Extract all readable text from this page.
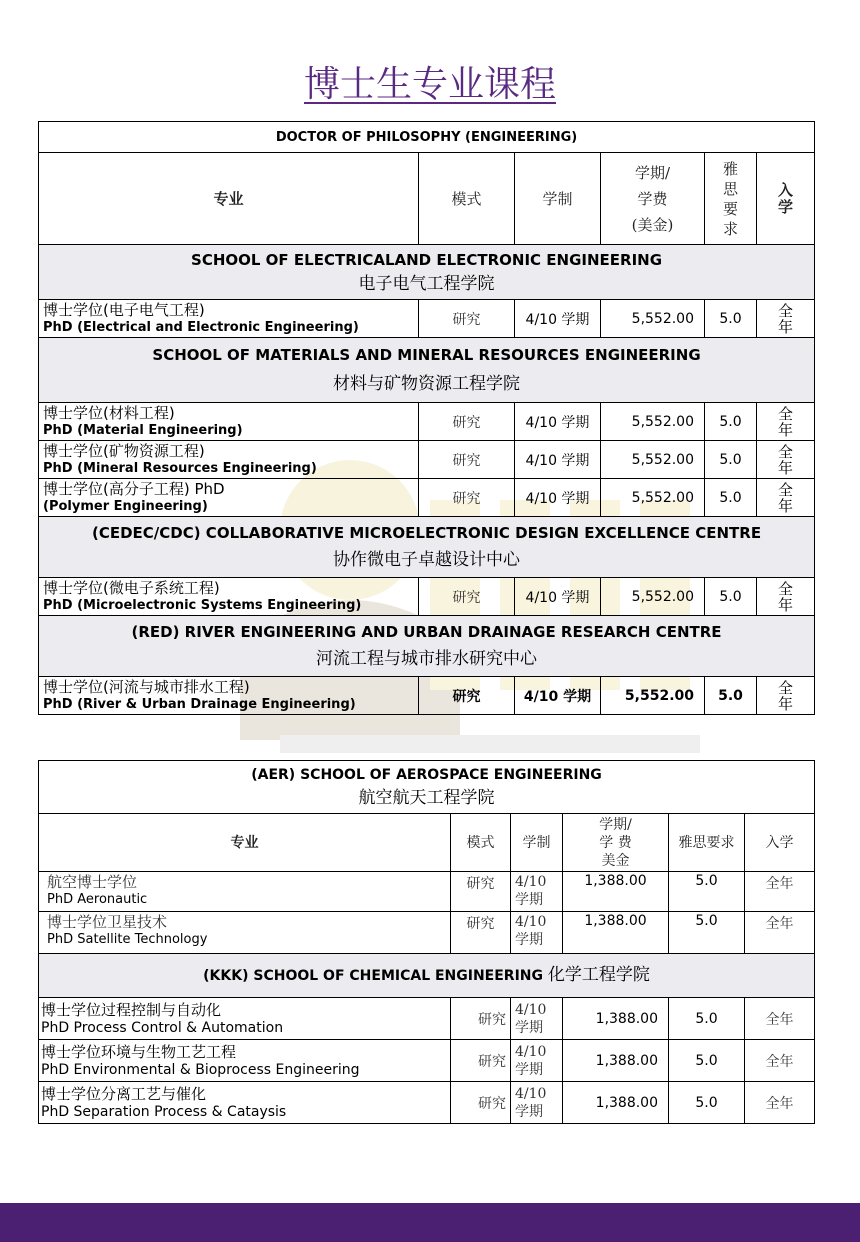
博士生专业课程
DOCTOR OF PHILOSOPHY (ENGINEERING)					
专业	模式	学制	学期/
学费
(美金)	雅
思
要
求	入
学
SCHOOL OF ELECTRICALAND ELECTRONIC ENGINEERING
电子电气工程学院					

博士学位(电子电气工程)
PhD (Electrical and Electronic Engineering)	研究	4/10 学期	5,552.00	5.0	全
年
SCHOOL OF MATERIALS AND MINERAL RESOURCES ENGINEERING
材料与矿物资源工程学院					

博士学位(材料工程)
PhD (Material Engineering)	研究	4/10 学期	5,552.00	5.0	全
年

博士学位(矿物资源工程)
PhD (Mineral Resources Engineering)	研究	4/10 学期	5,552.00	5.0	全
年

博士学位(高分子工程) PhD
(Polymer Engineering)	研究	4/10 学期	5,552.00	5.0	全
年
(CEDEC/CDC) COLLABORATIVE MICROELECTRONIC DESIGN EXCELLENCE CENTRE
协作微电子卓越设计中心					

博士学位(微电子系统工程)
PhD (Microelectronic Systems Engineering)	研究	4/10 学期	5,552.00	5.0	全
年
(RED) RIVER ENGINEERING AND URBAN DRAINAGE RESEARCH CENTRE
河流工程与城市排水研究中心					

博士学位(河流与城市排水工程)
PhD (River & Urban Drainage Engineering)	研究	4/10 学期	5,552.00	5.0	全
年
(AER) SCHOOL OF AEROSPACE ENGINEERING
航空航天工程学院					

专业	模式	学制	学期/
学 费
美金	雅思要求	入学

航空博士学位
PhD Aeronautic	研究	4/10
学期	1,388.00	5.0	全年

博士学位卫星技术
PhD Satellite Technology	研究	4/10
学期	1,388.00	5.0	全年
(KKK) SCHOOL OF CHEMICAL ENGINEERING 化学工程学院					

博士学位过程控制与自动化
PhD Process Control & Automation	研究	4/10
学期	1,388.00	5.0	全年

博士学位环境与生物工艺工程
PhD Environmental & Bioprocess Engineering	研究	4/10
学期	1,388.00	5.0	全年

博士学位分离工艺与催化
PhD Separation Process & Cataysis	研究	4/10
学期	1,388.00	5.0	全年
